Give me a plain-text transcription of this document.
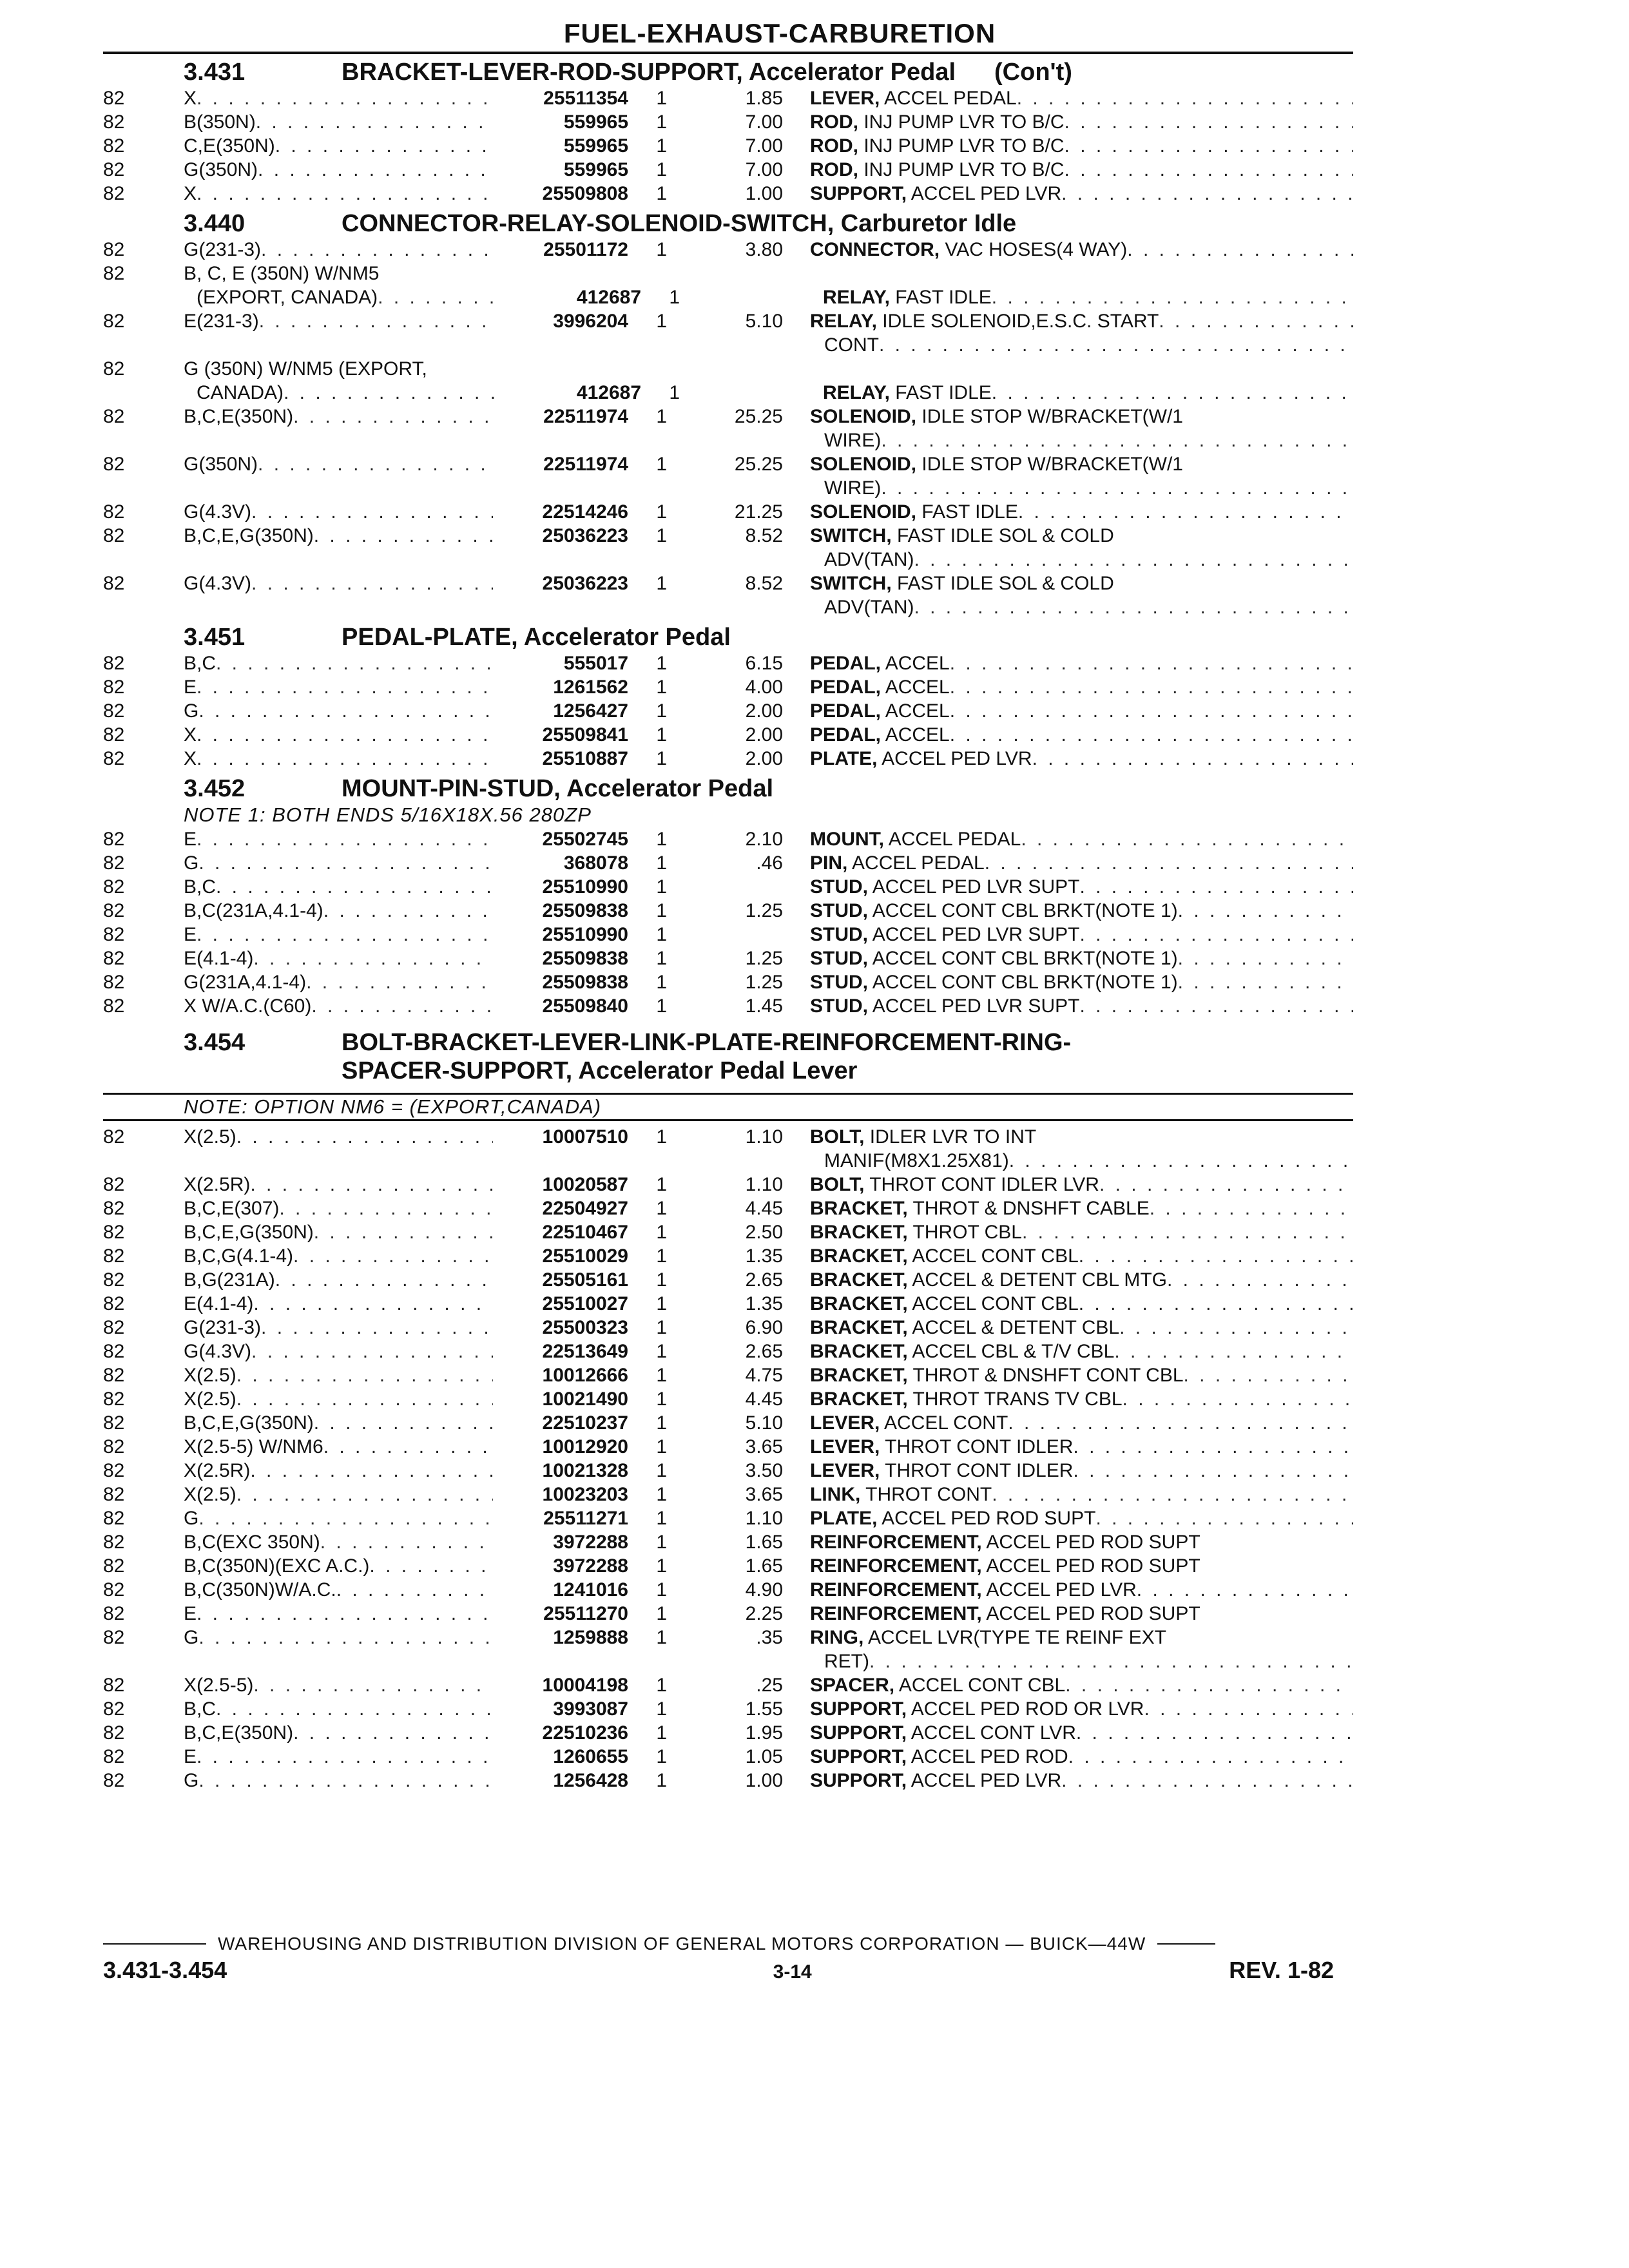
FUEL-EXHAUST-CARBURETION
3.431	BRACKET-LEVER-ROD-SUPPORT, Accelerator Pedal (Con't)
82	X . . .	25511354	1	1.85	LEVER, ACCEL PEDAL
. . .
82	B(350N) . . .	559965	1	7.00	ROD, INJ PUMP LVR TO B/C
. . .
82	C,E(350N) . . .	559965	1	7.00	ROD, INJ PUMP LVR TO B/C
. . .
82	G(350N) . . .	559965	1	7.00	ROD, INJ PUMP LVR TO B/C
. . .
82	X . . .	25509808	1	1.00	SUPPORT, ACCEL PED LVR
. . .
3.440	CONNECTOR-RELAY-SOLENOID-SWITCH, Carburetor Idle
82	G(231-3) . . .	25501172	1	3.80	CONNECTOR, VAC HOSES(4 WAY)
. . .
82	B, C, E (350N) W/NM5
(EXPORT, CANADA) . . .	412687	1	RELAY, FAST IDLE
. . .
82	E(231-3) . . .	3996204	1	5.10	RELAY, IDLE SOLENOID,E.S.C. START
. . .
CONT
. . .
82	G (350N) W/NM5 (EXPORT,
CANADA) . . .	412687	1	RELAY, FAST IDLE
. . .
82	B,C,E(350N) . . .	22511974	1	25.25	SOLENOID, IDLE STOP W/BRACKET(W/1
WIRE)
. . .
82	G(350N) . . .	22511974	1	25.25	SOLENOID, IDLE STOP W/BRACKET(W/1
WIRE)
. . .
82	G(4.3V) . . .	22514246	1	21.25	SOLENOID, FAST IDLE
. . .
82	B,C,E,G(350N) . . .	25036223	1	8.52	SWITCH, FAST IDLE SOL & COLD
ADV(TAN)
. . .
82	G(4.3V) . . .	25036223	1	8.52	SWITCH, FAST IDLE SOL & COLD
ADV(TAN)
. . .
3.451	PEDAL-PLATE, Accelerator Pedal
82	B,C . . .	555017	1	6.15	PEDAL, ACCEL
. . .
82	E . . .	1261562	1	4.00	PEDAL, ACCEL
. . .
82	G . . .	1256427	1	2.00	PEDAL, ACCEL
. . .
82	X . . .	25509841	1	2.00	PEDAL, ACCEL
. . .
82	X . . .	25510887	1	2.00	PLATE, ACCEL PED LVR
. . .
3.452	MOUNT-PIN-STUD, Accelerator Pedal
NOTE 1: BOTH ENDS 5/16X18X.56 280ZP
82	E . . .	25502745	1	2.10	MOUNT, ACCEL PEDAL
. . .
82	G . . .	368078	1	.46	PIN, ACCEL PEDAL
. . .
82	B,C . . .	25510990	1	STUD, ACCEL PED LVR SUPT
. . .
82	B,C(231A,4.1-4) . . .	25509838	1	1.25	STUD, ACCEL CONT CBL BRKT(NOTE 1)
. . .
82	E . . .	25510990	1	STUD, ACCEL PED LVR SUPT
. . .
82	E(4.1-4) . . .	25509838	1	1.25	STUD, ACCEL CONT CBL BRKT(NOTE 1)
. . .
82	G(231A,4.1-4) . . .	25509838	1	1.25	STUD, ACCEL CONT CBL BRKT(NOTE 1)
. . .
82	X W/A.C.(C60) . . .	25509840	1	1.45	STUD, ACCEL PED LVR SUPT
. . .
3.454	BOLT-BRACKET-LEVER-LINK-PLATE-REINFORCEMENT-RING-
SPACER-SUPPORT, Accelerator Pedal Lever
NOTE: OPTION NM6 = (EXPORT,CANADA)
82	X(2.5) . . .	10007510	1	1.10	BOLT, IDLER LVR TO INT
MANIF(M8X1.25X81)
. . .
82	X(2.5R) . . .	10020587	1	1.10	BOLT, THROT CONT IDLER LVR
. . .
82	B,C,E(307) . . .	22504927	1	4.45	BRACKET, THROT & DNSHFT CABLE
. . .
82	B,C,E,G(350N) . . .	22510467	1	2.50	BRACKET, THROT CBL
. . .
82	B,C,G(4.1-4) . . .	25510029	1	1.35	BRACKET, ACCEL CONT CBL
. . .
82	B,G(231A) . . .	25505161	1	2.65	BRACKET, ACCEL & DETENT CBL MTG
. . .
82	E(4.1-4) . . .	25510027	1	1.35	BRACKET, ACCEL CONT CBL
. . .
82	G(231-3) . . .	25500323	1	6.90	BRACKET, ACCEL & DETENT CBL
. . .
82	G(4.3V) . . .	22513649	1	2.65	BRACKET, ACCEL CBL & T/V CBL
. . .
82	X(2.5) . . .	10012666	1	4.75	BRACKET, THROT & DNSHFT CONT CBL
. . .
82	X(2.5) . . .	10021490	1	4.45	BRACKET, THROT TRANS TV CBL
. . .
82	B,C,E,G(350N) . . .	22510237	1	5.10	LEVER, ACCEL CONT
. . .
82	X(2.5-5) W/NM6 . . .	10012920	1	3.65	LEVER, THROT CONT IDLER
. . .
82	X(2.5R) . . .	10021328	1	3.50	LEVER, THROT CONT IDLER
. . .
82	X(2.5) . . .	10023203	1	3.65	LINK, THROT CONT
. . .
82	G . . .	25511271	1	1.10	PLATE, ACCEL PED ROD SUPT
. . .
82	B,C(EXC 350N) . . .	3972288	1	1.65	REINFORCEMENT, ACCEL PED ROD SUPT
82	B,C(350N)(EXC A.C.) . . .	3972288	1	1.65	REINFORCEMENT, ACCEL PED ROD SUPT
82	B,C(350N)W/A.C. . . .	1241016	1	4.90	REINFORCEMENT, ACCEL PED LVR
. . .
82	E . . .	25511270	1	2.25	REINFORCEMENT, ACCEL PED ROD SUPT
82	G . . .	1259888	1	.35	RING, ACCEL LVR(TYPE TE REINF EXT
RET)
. . .
82	X(2.5-5) . . .	10004198	1	.25	SPACER, ACCEL CONT CBL
. . .
82	B,C . . .	3993087	1	1.55	SUPPORT, ACCEL PED ROD OR LVR
. . .
82	B,C,E(350N) . . .	22510236	1	1.95	SUPPORT, ACCEL CONT LVR
. . .
82	E . . .	1260655	1	1.05	SUPPORT, ACCEL PED ROD
. . .
82	G . . .	1256428	1	1.00	SUPPORT, ACCEL PED LVR
. . .
WAREHOUSING AND DISTRIBUTION DIVISION OF GENERAL MOTORS CORPORATION — BUICK—44W
3.431-3.454	3-14	REV. 1-82
